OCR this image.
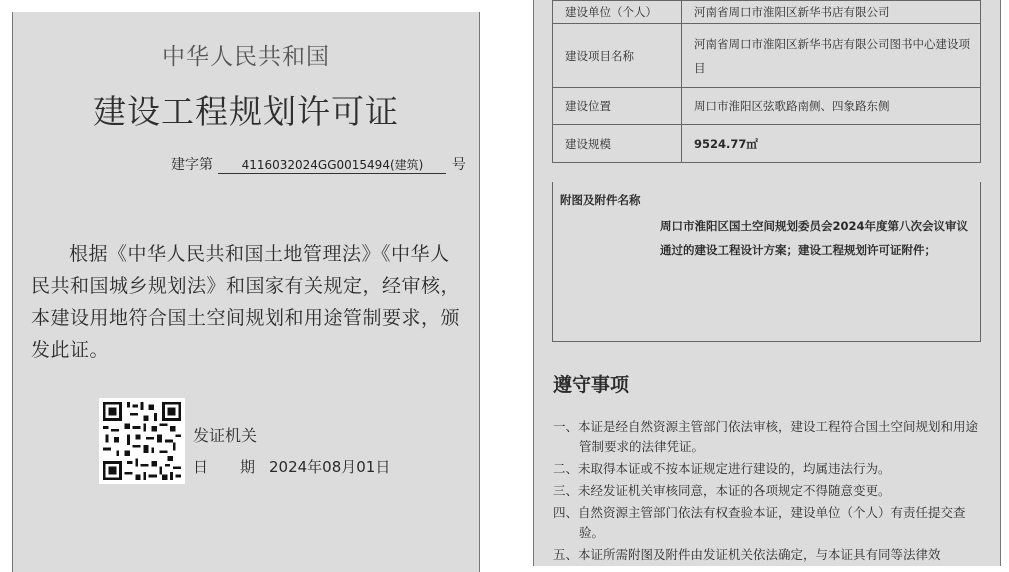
中华人民共和国
建设工程规划许可证
建字第 411603202​4GG0015494(建筑) 号
根据《中华人民共和国土地管理法》《中华人民共和国城乡规划法》和国家有关规定，经审核，本建设用地符合国土空间规划和用途管制要求，颁发此证。
发证机关
日 期 2024年08月01日
建设单位（个人）	河南省周口市淮阳区新华书店有限公司
建设项目名称	河南省周口市淮阳区新华书店有限公司图书中心建设项目
建设位置	周口市淮阳区弦歌路南侧、四象路东侧
建设规模	9524.77㎡
附图及附件名称
周口市淮阳区国土空间规划委员会2024年度第八次会议审议通过的建设工程设计方案；建设工程规划许可证附件；
遵守事项
一、本证是经自然资源主管部门依法审核，建设工程符合国土空间规划和用途管制要求的法律凭证。
二、未取得本证或不按本证规定进行建设的，均属违法行为。
三、未经发证机关审核同意，本证的各项规定不得随意变更。
四、自然资源主管部门依法有权查验本证，建设单位（个人）有责任提交查验。
五、本证所需附图及附件由发证机关依法确定，与本证具有同等法律效
